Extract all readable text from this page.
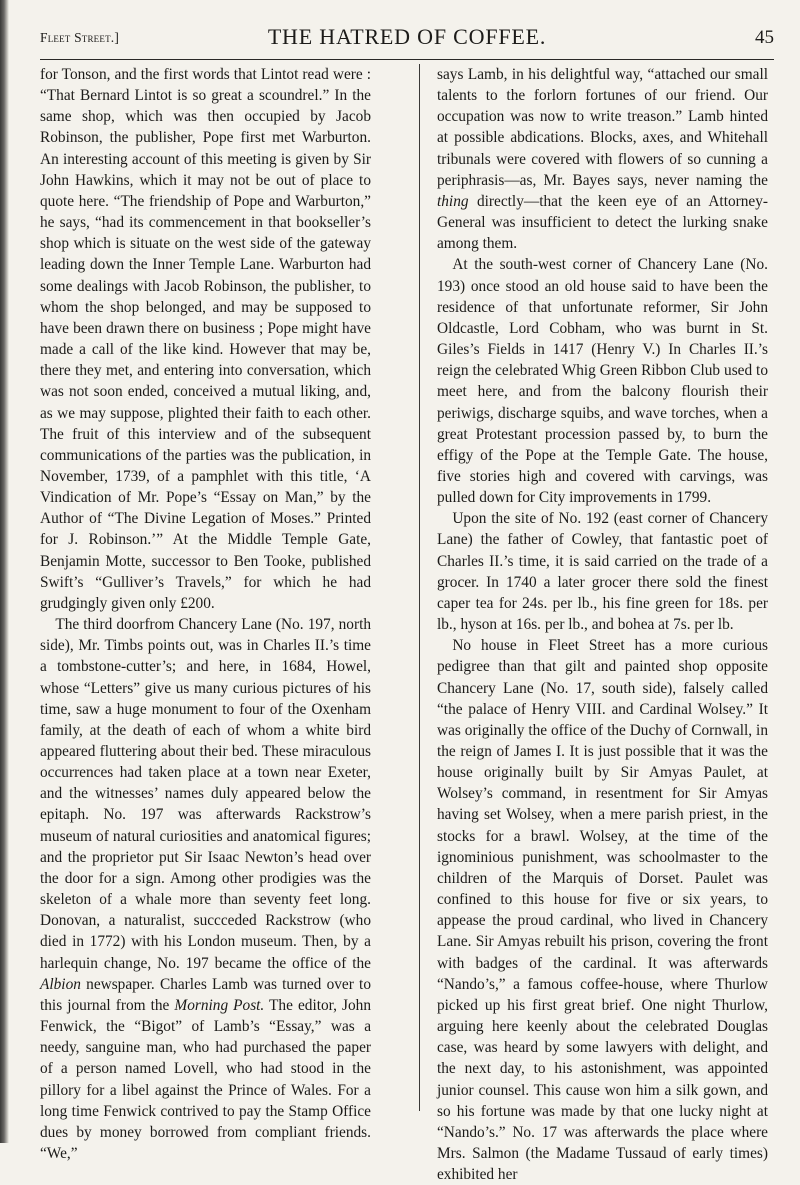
Fleet Street.]	THE HATRED OF COFFEE.	45

for Tonson, and the first words that Lintot read were : “That Bernard Lintot is so great a scoundrel.” In the same shop, which was then occupied by Jacob Robinson, the publisher, Pope first met Warburton. An interesting account of this meeting is given by Sir John Hawkins, which it may not be out of place to quote here. “The friendship of Pope and Warburton,” he says, “had its commencement in that bookseller’s shop which is situate on the west side of the gateway leading down the Inner Temple Lane. Warburton had some dealings with Jacob Robinson, the publisher, to whom the shop belonged, and may be supposed to have been drawn there on business ; Pope might have made a call of the like kind. However that may be, there they met, and entering into conversation, which was not soon ended, conceived a mutual liking, and, as we may suppose, plighted their faith to each other. The fruit of this interview and of the subsequent communications of the parties was the publication, in November, 1739, of a pamphlet with this title, ‘A Vindication of Mr. Pope’s “Essay on Man,” by the Author of “The Divine Legation of Moses.” Printed for J. Robinson.’” At the Middle Temple Gate, Benjamin Motte, successor to Ben Tooke, published Swift’s “Gulliver’s Travels,” for which he had grudgingly given only £200.

The third doorfrom Chancery Lane (No. 197, north side), Mr. Timbs points out, was in Charles II.’s time a tombstone-cutter’s; and here, in 1684, Howel, whose “Letters” give us many curious pictures of his time, saw a huge monument to four of the Oxenham family, at the death of each of whom a white bird appeared fluttering about their bed. These miraculous occurrences had taken place at a town near Exeter, and the witnesses’ names duly appeared below the epitaph. No. 197 was afterwards Rackstrow’s museum of natural curiosities and anatomical figures; and the proprietor put Sir Isaac Newton’s head over the door for a sign. Among other prodigies was the skeleton of a whale more than seventy feet long. Donovan, a naturalist, succceded Rackstrow (who died in 1772) with his London museum. Then, by a harlequin change, No. 197 became the office of the Albion newspaper. Charles Lamb was turned over to this journal from the Morning Post. The editor, John Fenwick, the “Bigot” of Lamb’s “Essay,” was a needy, sanguine man, who had purchased the paper of a person named Lovell, who had stood in the pillory for a libel against the Prince of Wales. For a long time Fenwick contrived to pay the Stamp Office dues by money borrowed from compliant friends. “We,”

says Lamb, in his delightful way, “attached our small talents to the forlorn fortunes of our friend. Our occupation was now to write treason.” Lamb hinted at possible abdications. Blocks, axes, and Whitehall tribunals were covered with flowers of so cunning a periphrasis—as, Mr. Bayes says, never naming the thing directly—that the keen eye of an Attorney-General was insufficient to detect the lurking snake among them.

At the south-west corner of Chancery Lane (No. 193) once stood an old house said to have been the residence of that unfortunate reformer, Sir John Oldcastle, Lord Cobham, who was burnt in St. Giles’s Fields in 1417 (Henry V.) In Charles II.’s reign the celebrated Whig Green Ribbon Club used to meet here, and from the balcony flourish their periwigs, discharge squibs, and wave torches, when a great Protestant procession passed by, to burn the effigy of the Pope at the Temple Gate. The house, five stories high and covered with carvings, was pulled down for City improvements in 1799.

Upon the site of No. 192 (east corner of Chancery Lane) the father of Cowley, that fantastic poet of Charles II.’s time, it is said carried on the trade of a grocer. In 1740 a later grocer there sold the finest caper tea for 24s. per lb., his fine green for 18s. per lb., hyson at 16s. per lb., and bohea at 7s. per lb.

No house in Fleet Street has a more curious pedigree than that gilt and painted shop opposite Chancery Lane (No. 17, south side), falsely called “the palace of Henry VIII. and Cardinal Wolsey.” It was originally the office of the Duchy of Cornwall, in the reign of James I. It is just possible that it was the house originally built by Sir Amyas Paulet, at Wolsey’s command, in resentment for Sir Amyas having set Wolsey, when a mere parish priest, in the stocks for a brawl. Wolsey, at the time of the ignominious punishment, was schoolmaster to the children of the Marquis of Dorset. Paulet was confined to this house for five or six years, to appease the proud cardinal, who lived in Chancery Lane. Sir Amyas rebuilt his prison, covering the front with badges of the cardinal. It was afterwards “Nando’s,” a famous coffee-house, where Thurlow picked up his first great brief. One night Thurlow, arguing here keenly about the celebrated Douglas case, was heard by some lawyers with delight, and the next day, to his astonishment, was appointed junior counsel. This cause won him a silk gown, and so his fortune was made by that one lucky night at “Nando’s.” No. 17 was afterwards the place where Mrs. Salmon (the Madame Tussaud of early times) exhibited her
